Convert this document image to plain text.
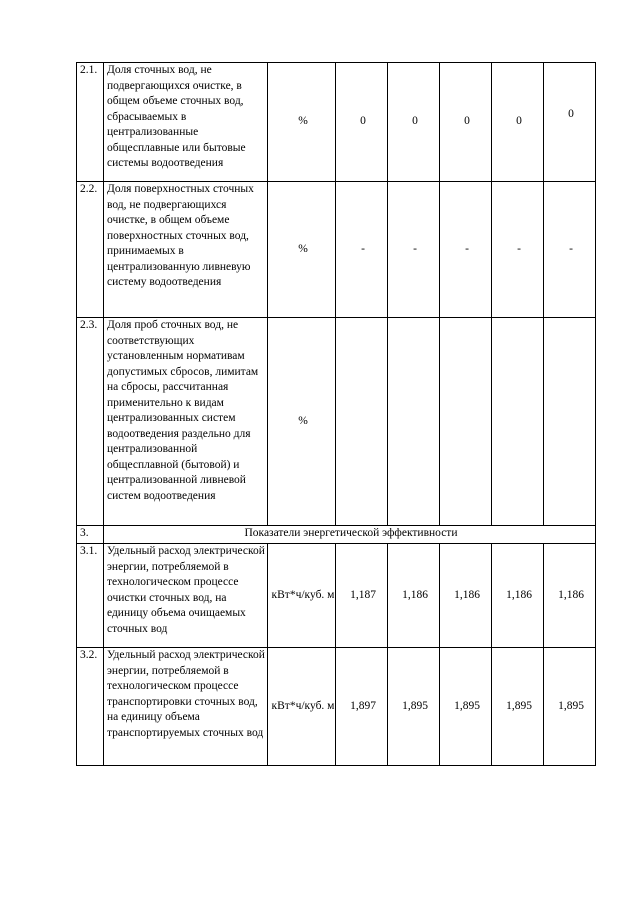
2.1.	Доля сточных вод, не подвергающихся очистке, в общем объеме сточных вод, сбрасываемых в централизованные общесплавные или бытовые системы водоотведения	%	0	0	0	0	0
2.2.	Доля поверхностных сточных вод, не подвергающихся очистке, в общем объеме поверхностных сточных вод, принимаемых в централизованную ливневую систему водоотведения	%	-	-	-	-	-
2.3.	Доля проб сточных вод, не соответствующих установленным нормативам допустимых сбросов, лимитам на сбросы, рассчитанная применительно к видам централизованных систем водоотведения раздельно для централизованной общесплавной (бытовой) и централизованной ливневой систем водоотведения	%					
3.	Показатели энергетической эффективности						
3.1.	Удельный расход электрической энергии, потребляемой в технологическом процессе очистки сточных вод, на единицу объема очищаемых сточных вод	кВт*ч/куб. м	1,187	1,186	1,186	1,186	1,186
3.2.	Удельный расход электрической энергии, потребляемой в технологическом процессе транспортировки сточных вод, на единицу объема транспортируемых сточных вод	кВт*ч/куб. м	1,897	1,895	1,895	1,895	1,895
